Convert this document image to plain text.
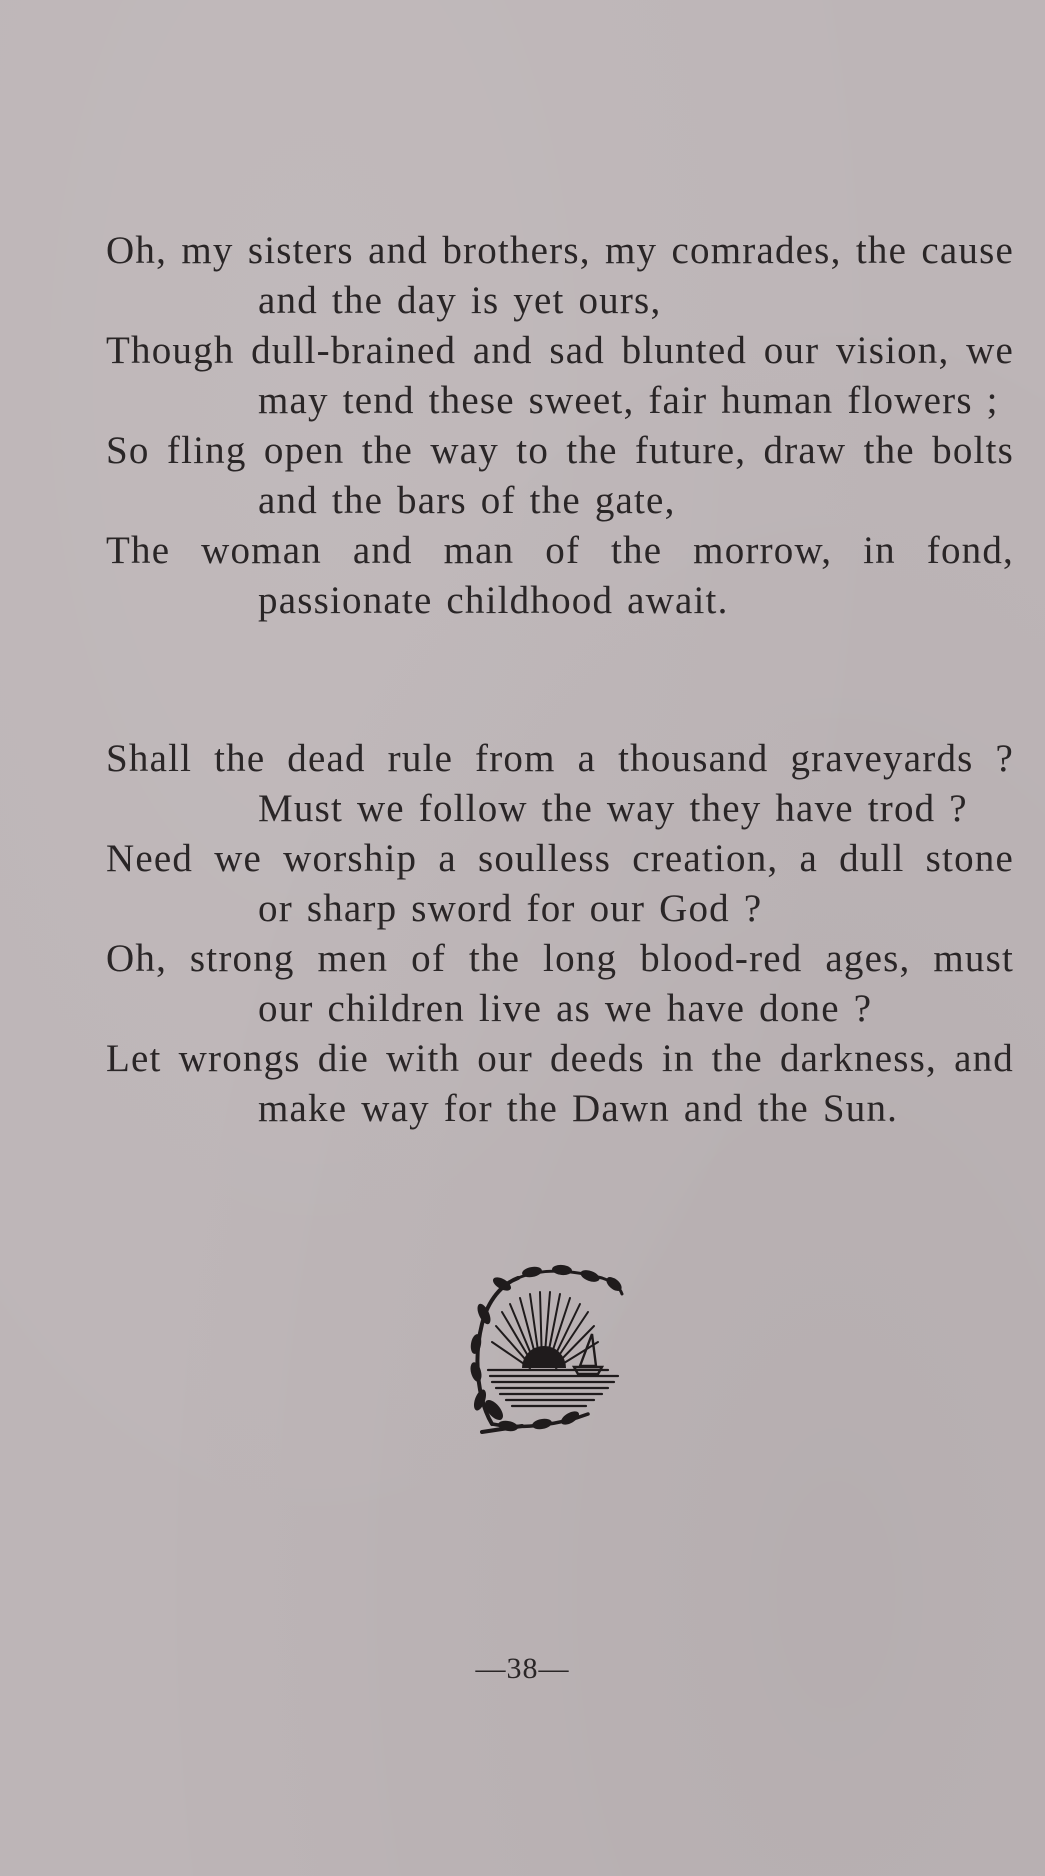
Oh, my sisters and brothers, my comrades, the cause
and the day is yet ours,
Though dull-brained and sad blunted our vision, we
may tend these sweet, fair human flowers ;
So fling open the way to the future, draw the bolts
and the bars of the gate,
The woman and man of the morrow, in fond,
passionate childhood await.
Shall the dead rule from a thousand graveyards ?
Must we follow the way they have trod ?
Need we worship a soulless creation, a dull stone
or sharp sword for our God ?
Oh, strong men of the long blood-red ages, must
our children live as we have done ?
Let wrongs die with our deeds in the darkness, and
make way for the Dawn and the Sun.
—38—
